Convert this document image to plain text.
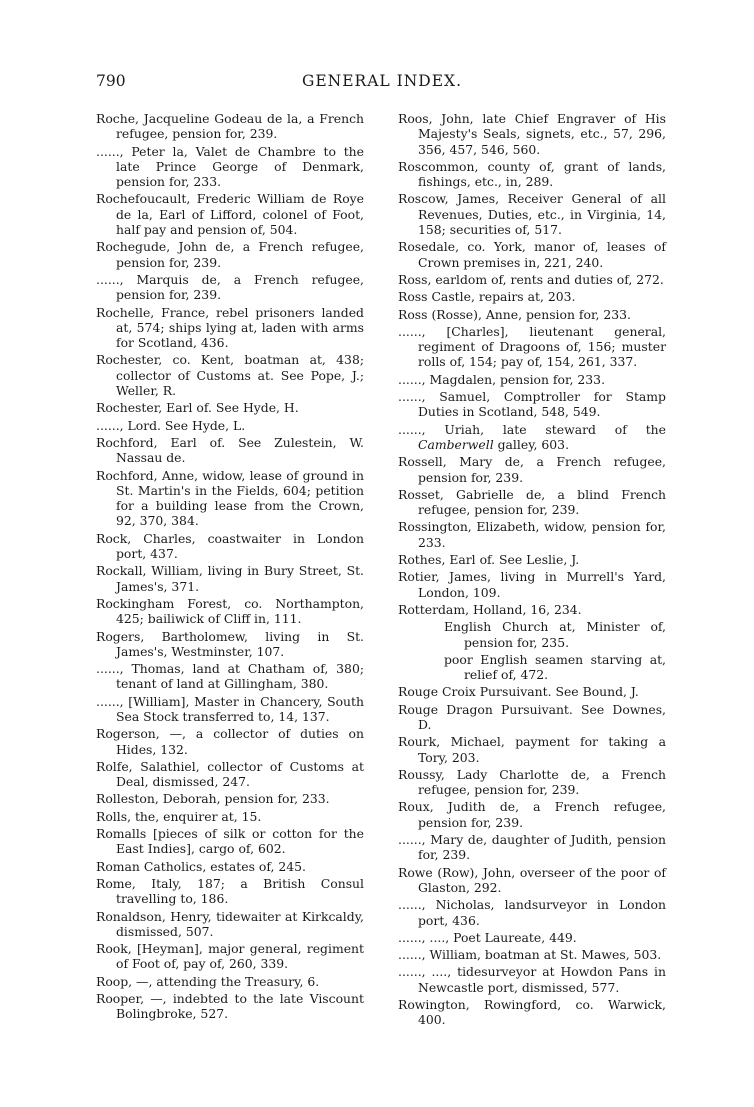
790	GENERAL INDEX.

Roche, Jacqueline Godeau de la, a French refugee, pension for, 239.

......, Peter la, Valet de Chambre to the late Prince George of Denmark, pension for, 233.

Rochefoucault, Frederic William de Roye de la, Earl of Lifford, colonel of Foot, half pay and pension of, 504.

Rochegude, John de, a French refugee, pension for, 239.

......, Marquis de, a French refugee, pension for, 239.

Rochelle, France, rebel prisoners landed at, 574; ships lying at, laden with arms for Scotland, 436.

Rochester, co. Kent, boatman at, 438; collector of Customs at. See Pope, J.; Weller, R.

Rochester, Earl of. See Hyde, H.

......, Lord. See Hyde, L.

Rochford, Earl of. See Zulestein, W. Nassau de.

Rochford, Anne, widow, lease of ground in St. Martin's in the Fields, 604; petition for a building lease from the Crown, 92, 370, 384.

Rock, Charles, coastwaiter in London port, 437.

Rockall, William, living in Bury Street, St. James's, 371.

Rockingham Forest, co. Northampton, 425; bailiwick of Cliff in, 111.

Rogers, Bartholomew, living in St. James's, Westminster, 107.

......, Thomas, land at Chatham of, 380; tenant of land at Gillingham, 380.

......, [William], Master in Chancery, South Sea Stock transferred to, 14, 137.

Rogerson, —, a collector of duties on Hides, 132.

Rolfe, Salathiel, collector of Customs at Deal, dismissed, 247.

Rolleston, Deborah, pension for, 233.

Rolls, the, enquirer at, 15.

Romalls [pieces of silk or cotton for the East Indies], cargo of, 602.

Roman Catholics, estates of, 245.

Rome, Italy, 187; a British Consul travelling to, 186.

Ronaldson, Henry, tidewaiter at Kirkcaldy, dismissed, 507.

Rook, [Heyman], major general, regiment of Foot of, pay of, 260, 339.

Roop, —, attending the Treasury, 6.

Rooper, —, indebted to the late Viscount Bolingbroke, 527.

Roos, John, late Chief Engraver of His Majesty's Seals, signets, etc., 57, 296, 356, 457, 546, 560.

Roscommon, county of, grant of lands, fishings, etc., in, 289.

Roscow, James, Receiver General of all Revenues, Duties, etc., in Virginia, 14, 158; securities of, 517.

Rosedale, co. York, manor of, leases of Crown premises in, 221, 240.

Ross, earldom of, rents and duties of, 272.

Ross Castle, repairs at, 203.

Ross (Rosse), Anne, pension for, 233.

......, [Charles], lieutenant general, regiment of Dragoons of, 156; muster rolls of, 154; pay of, 154, 261, 337.

......, Magdalen, pension for, 233.

......, Samuel, Comptroller for Stamp Duties in Scotland, 548, 549.

......, Uriah, late steward of the Camberwell galley, 603.

Rossell, Mary de, a French refugee, pension for, 239.

Rosset, Gabrielle de, a blind French refugee, pension for, 239.

Rossington, Elizabeth, widow, pension for, 233.

Rothes, Earl of. See Leslie, J.

Rotier, James, living in Murrell's Yard, London, 109.

Rotterdam, Holland, 16, 234.

English Church at, Minister of, pension for, 235.

poor English seamen starving at, relief of, 472.

Rouge Croix Pursuivant. See Bound, J.

Rouge Dragon Pursuivant. See Downes, D.

Rourk, Michael, payment for taking a Tory, 203.

Roussy, Lady Charlotte de, a French refugee, pension for, 239.

Roux, Judith de, a French refugee, pension for, 239.

......, Mary de, daughter of Judith, pension for, 239.

Rowe (Row), John, overseer of the poor of Glaston, 292.

......, Nicholas, landsurveyor in London port, 436.

......, ...., Poet Laureate, 449.

......, William, boatman at St. Mawes, 503.

......, ...., tidesurveyor at Howdon Pans in Newcastle port, dismissed, 577.

Rowington, Rowingford, co. Warwick, 400.
